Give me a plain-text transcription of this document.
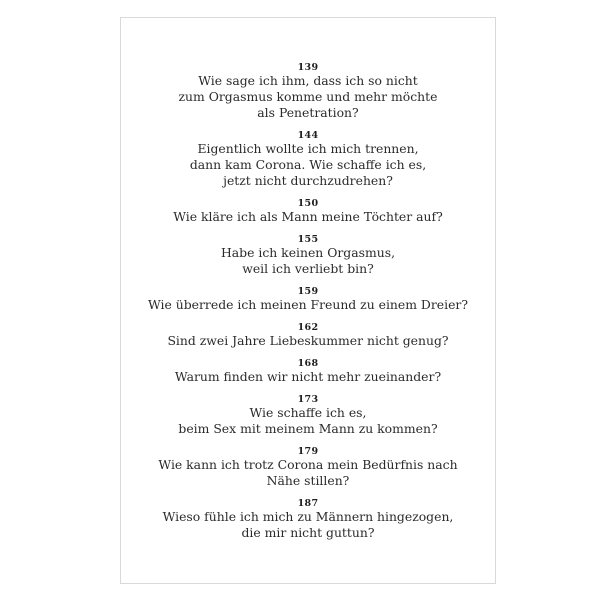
139
Wie sage ich ihm, dass ich so nicht
zum Orgasmus komme und mehr möchte
als Penetration?
144
Eigentlich wollte ich mich trennen,
dann kam Corona. Wie schaffe ich es,
jetzt nicht durchzudrehen?
150
Wie kläre ich als Mann meine Töchter auf?
155
Habe ich keinen Orgasmus,
weil ich verliebt bin?
159
Wie überrede ich meinen Freund zu einem Dreier?
162
Sind zwei Jahre Liebeskummer nicht genug?
168
Warum finden wir nicht mehr zueinander?
173
Wie schaffe ich es,
beim Sex mit meinem Mann zu kommen?
179
Wie kann ich trotz Corona mein Bedürfnis nach
Nähe stillen?
187
Wieso fühle ich mich zu Männern hingezogen,
die mir nicht guttun?
